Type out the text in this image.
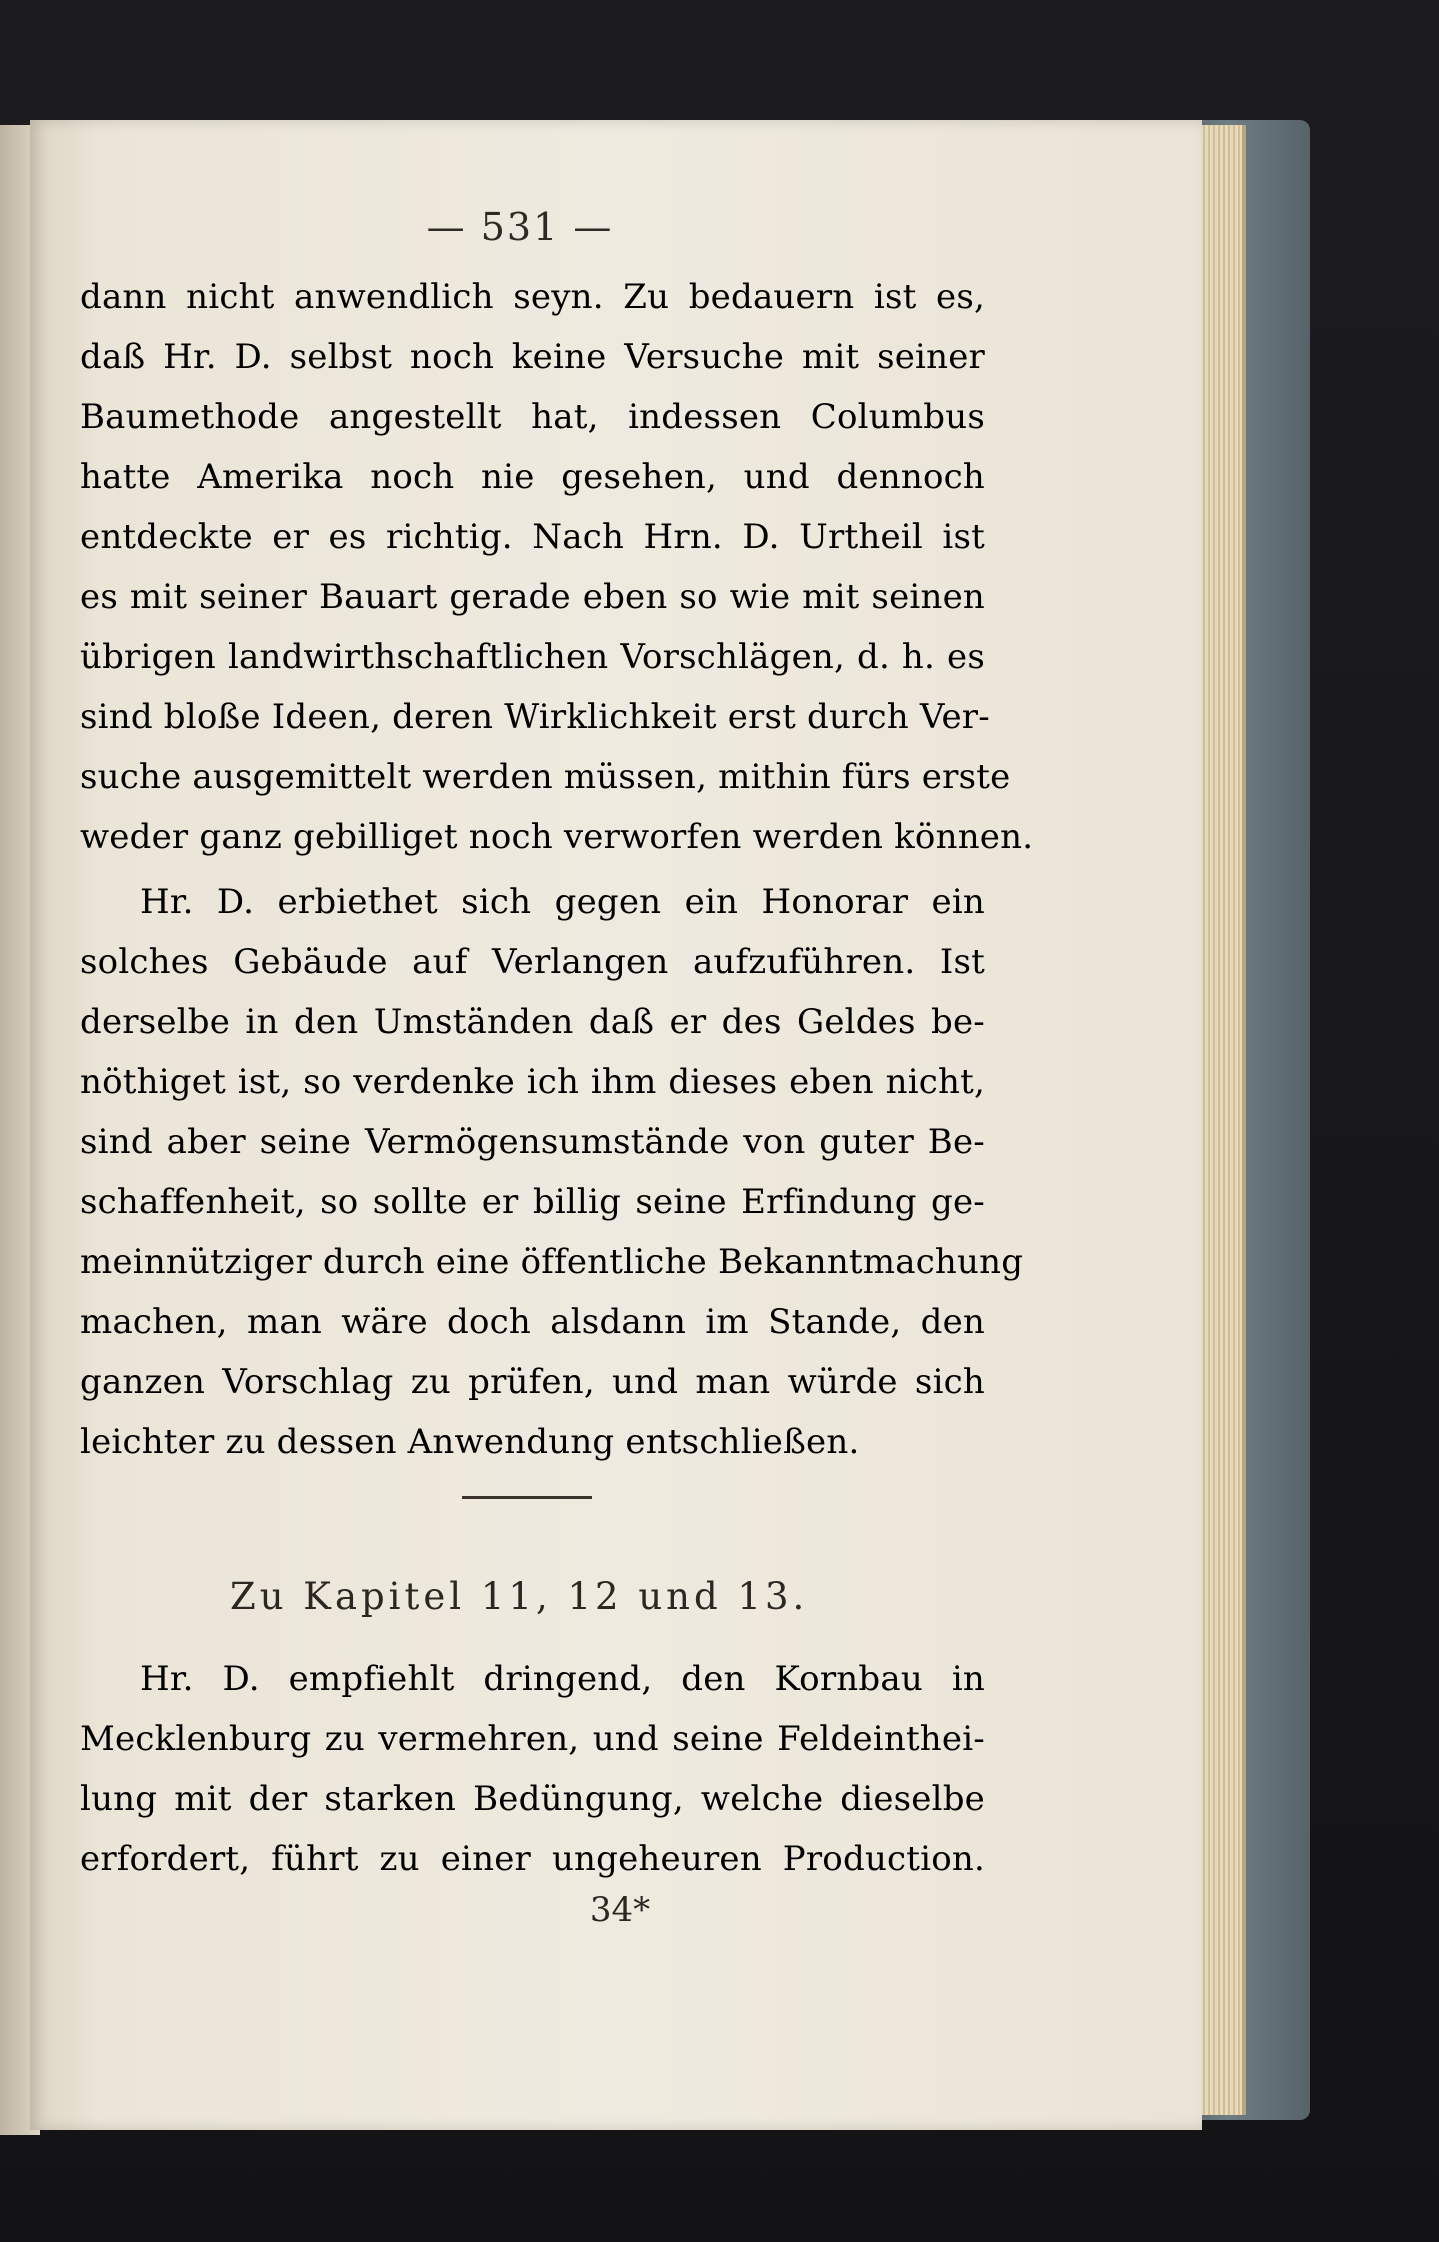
— 531 —
dann nicht anwendlich seyn. Zu bedauern ist es,
daß Hr. D. selbst noch keine Versuche mit seiner
Baumethode angestellt hat, indessen Columbus
hatte Amerika noch nie gesehen, und dennoch
entdeckte er es richtig. Nach Hrn. D. Urtheil ist
es mit seiner Bauart gerade eben so wie mit seinen
übrigen landwirthschaftlichen Vorschlägen, d. h. es
sind bloße Ideen, deren Wirklichkeit erst durch Ver-
suche ausgemittelt werden müssen, mithin fürs erste
weder ganz gebilliget noch verworfen werden können.
Hr. D. erbiethet sich gegen ein Honorar ein
solches Gebäude auf Verlangen aufzuführen. Ist
derselbe in den Umständen daß er des Geldes be-
nöthiget ist, so verdenke ich ihm dieses eben nicht,
sind aber seine Vermögensumstände von guter Be-
schaffenheit, so sollte er billig seine Erfindung ge-
meinnütziger durch eine öffentliche Bekanntmachung
machen, man wäre doch alsdann im Stande, den
ganzen Vorschlag zu prüfen, und man würde sich
leichter zu dessen Anwendung entschließen.
Zu Kapitel 11, 12 und 13.
Hr. D. empfiehlt dringend, den Kornbau in
Mecklenburg zu vermehren, und seine Feldeinthei-
lung mit der starken Bedüngung, welche dieselbe
erfordert, führt zu einer ungeheuren Production.
34*
